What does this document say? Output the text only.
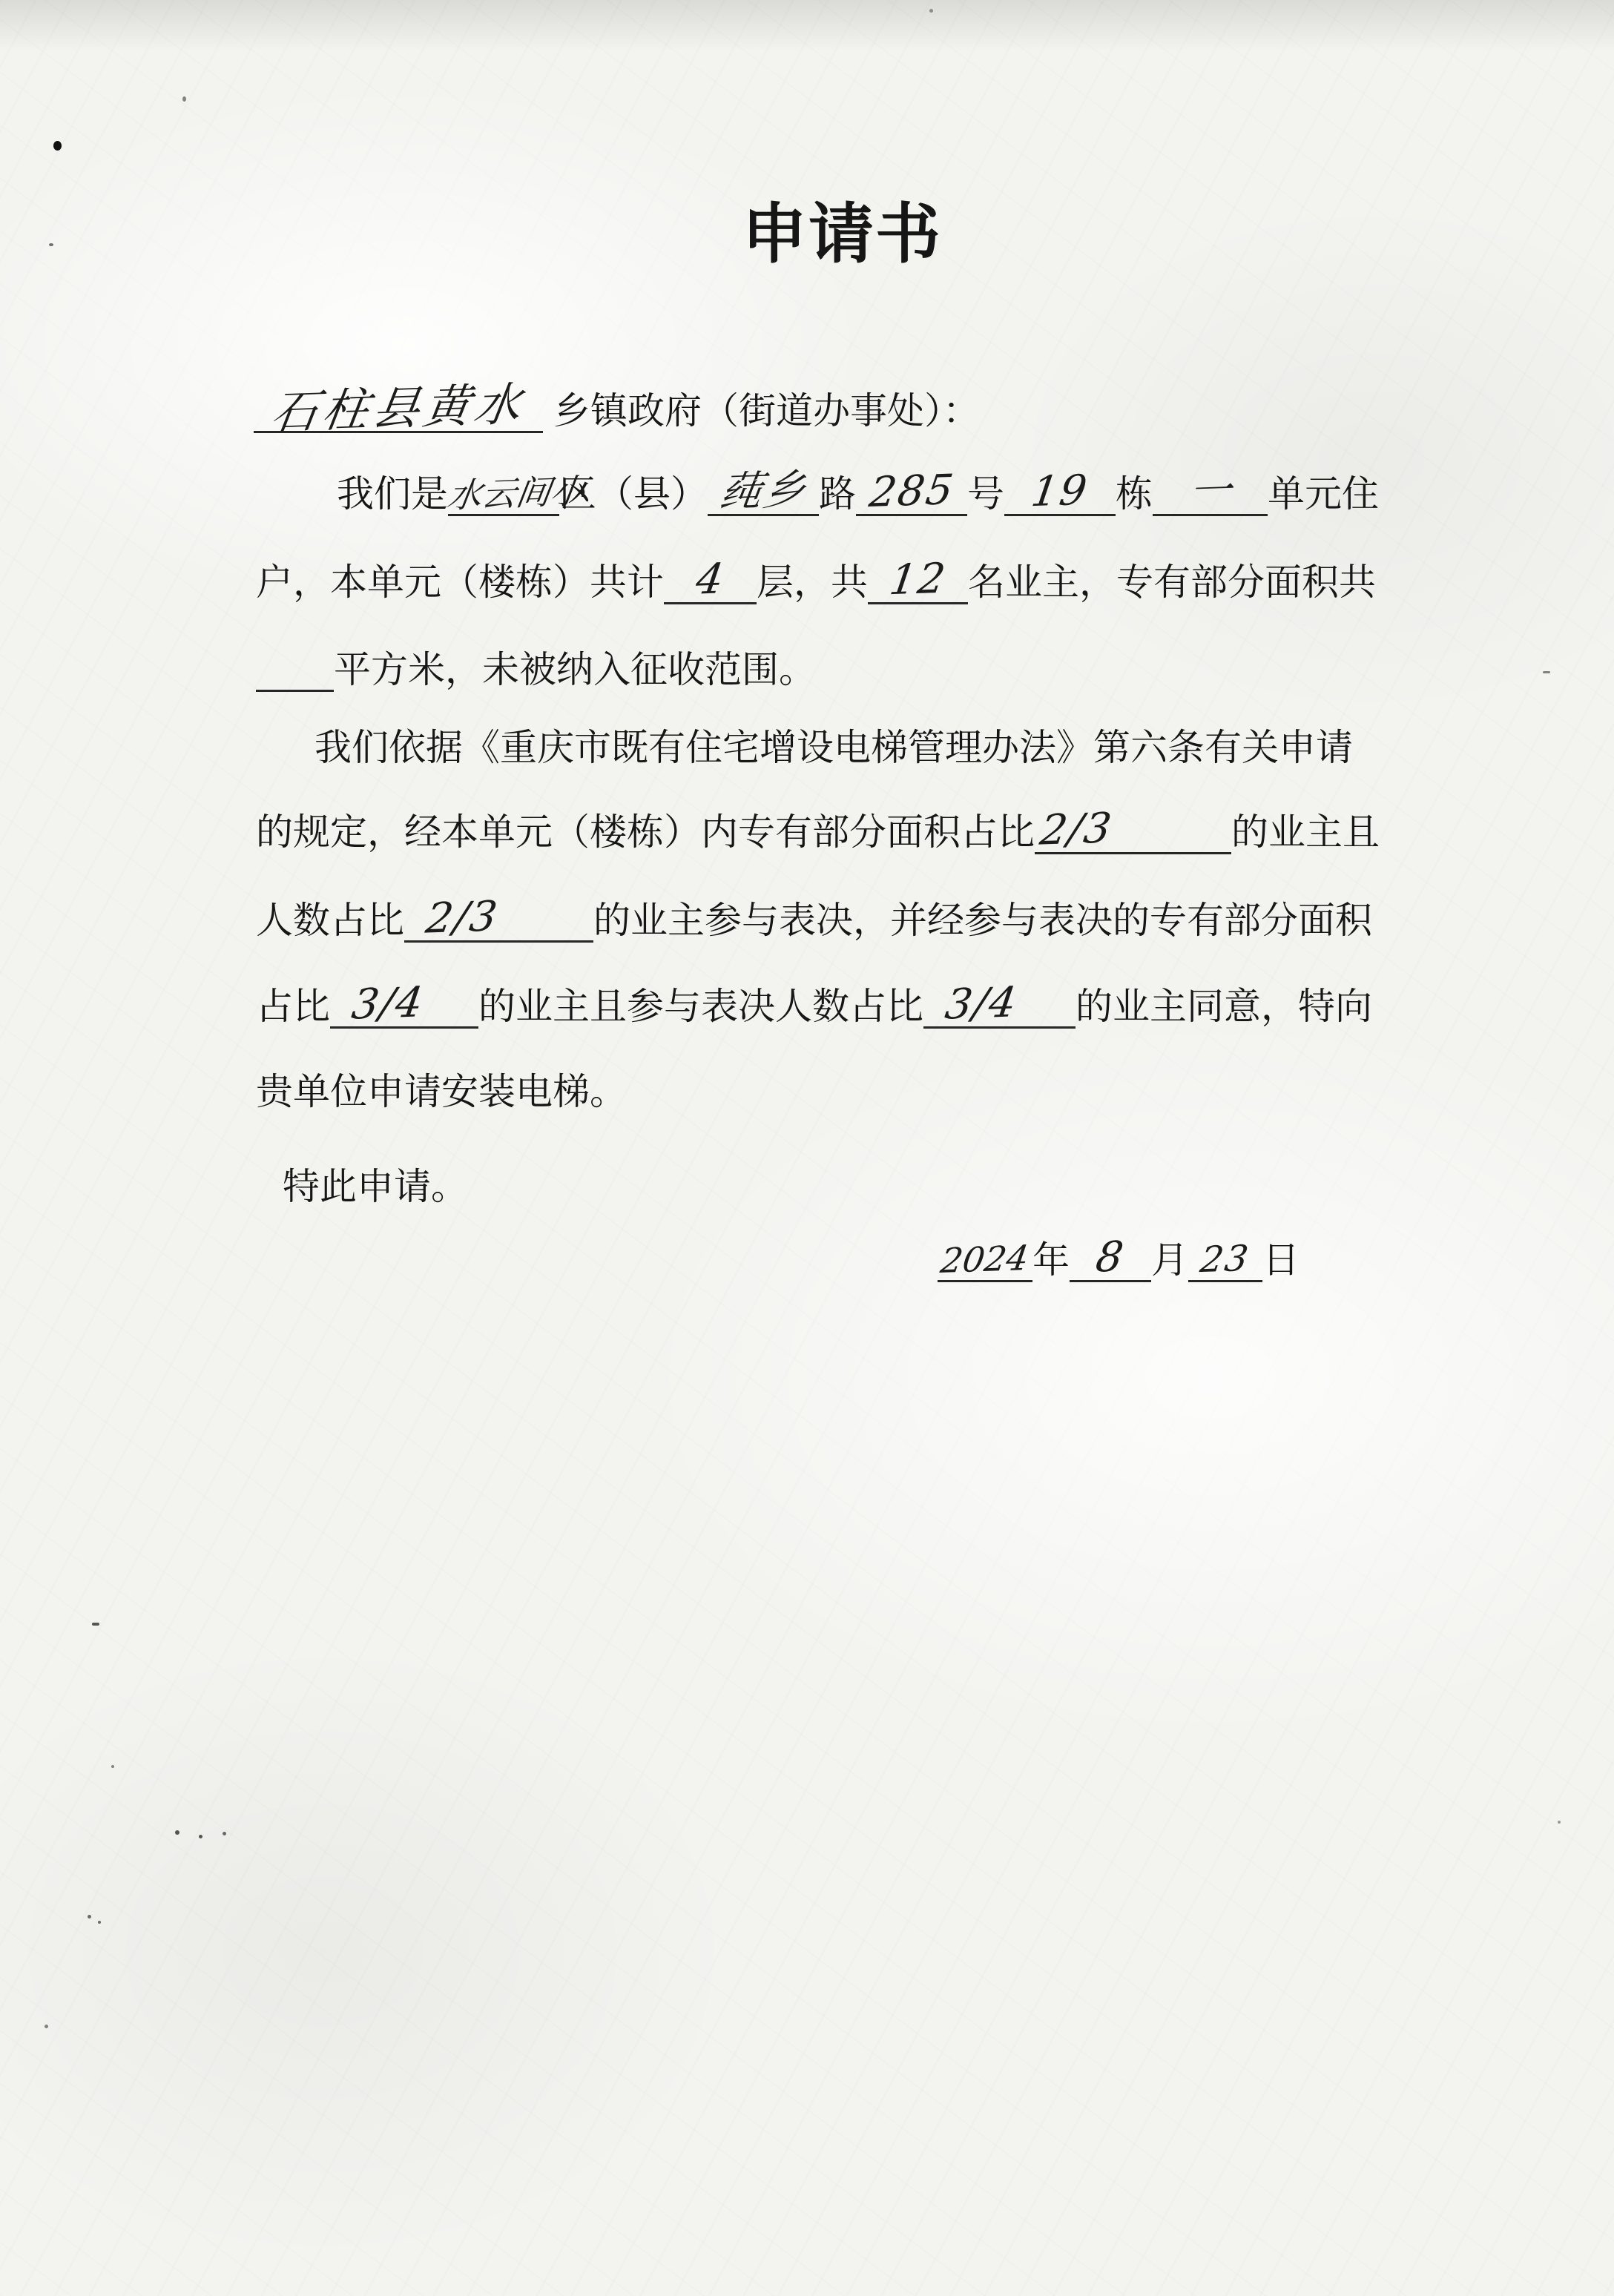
申请书
石柱县黄水 乡镇政府（街道办事处）：
我们是
水云间小
区（县） 莼乡 路 285 号 19 栋 一 单元住
户，本单元（楼栋）共计 4 层，共 12 名业主，专有部分面积共
平方米，未被纳入征收范围。
我们依据《重庆市既有住宅增设电梯管理办法》第六条有关申请
的规定，经本单元（楼栋）内专有部分面积占比 2/3	的业主且
人数占比 2/3	的业主参与表决，并经参与表决的专有部分面积
占比 3/4	的业主且参与表决人数占比 3/4	的业主同意，特向
贵单位申请安装电梯。
特此申请。
2024 年 8 月 23 日
